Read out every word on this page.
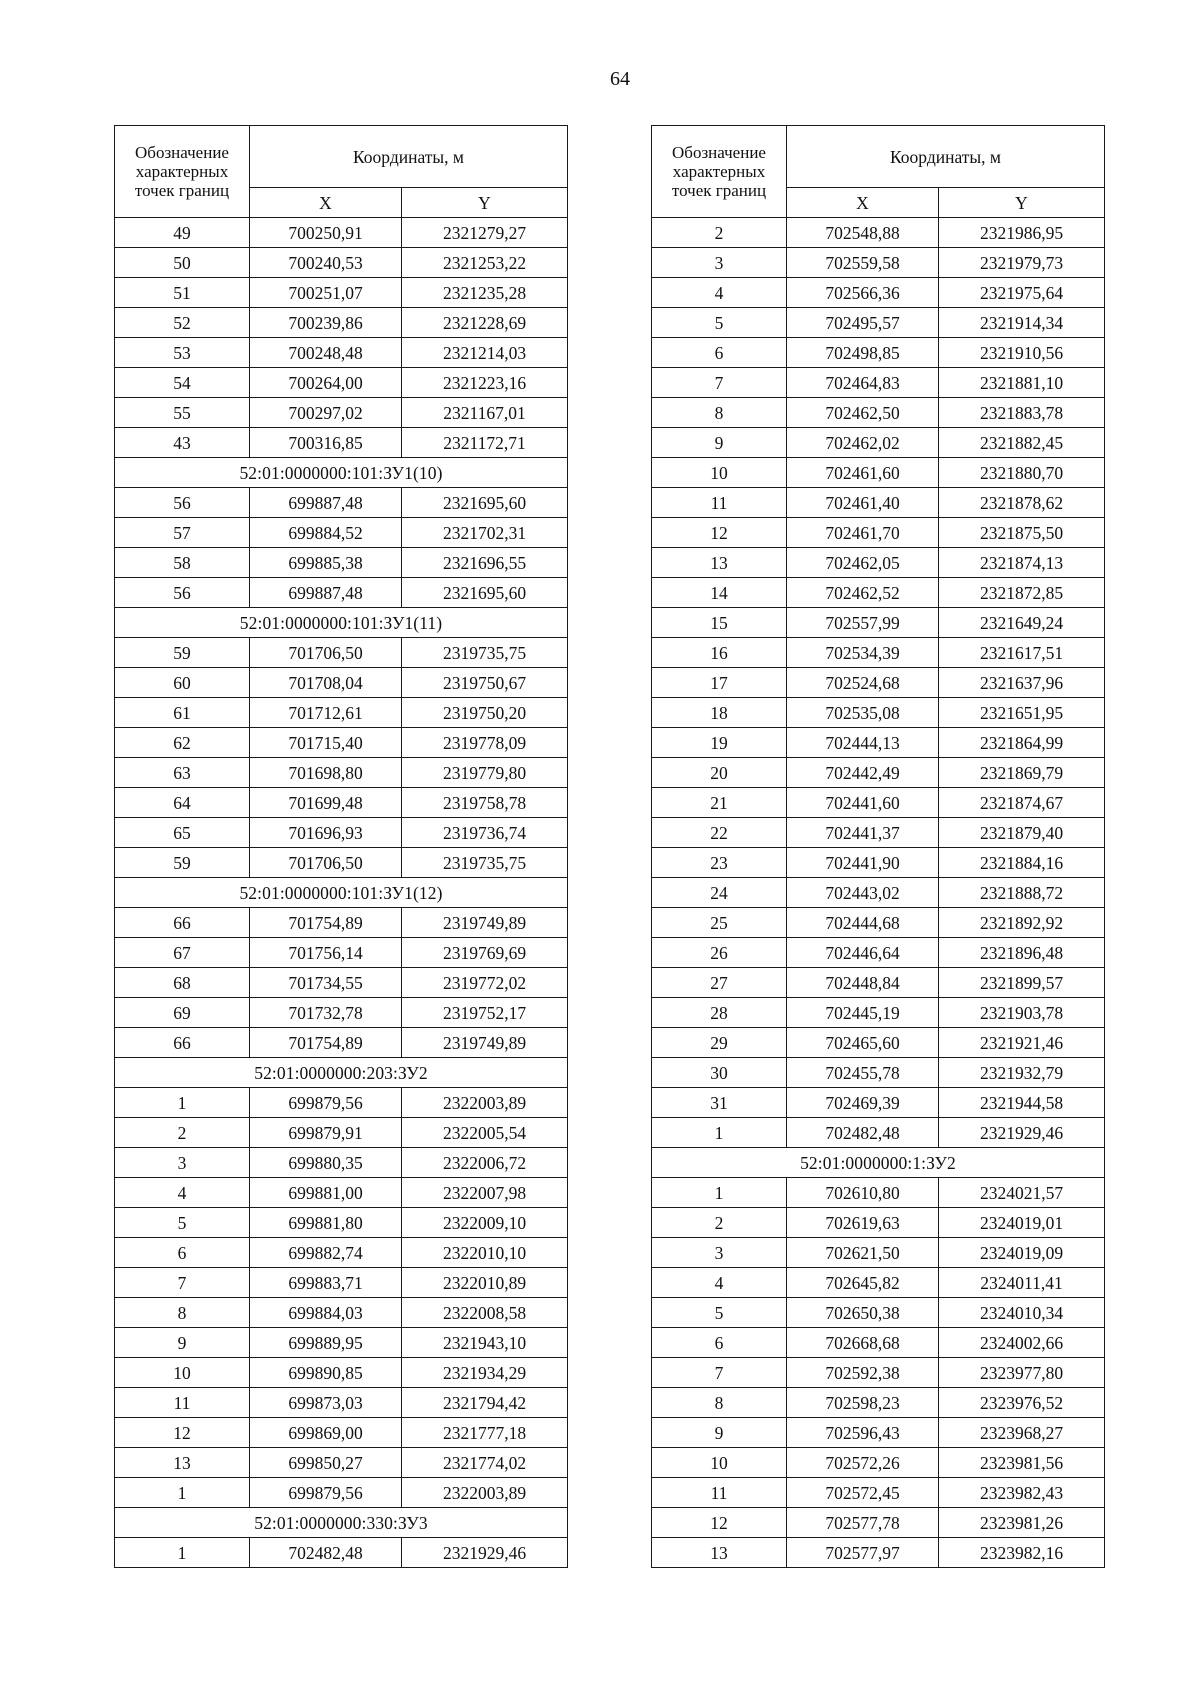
64
Обозначение характерных точек границ	Координаты, м	
	X	Y
49	700250,91	2321279,27
50	700240,53	2321253,22
51	700251,07	2321235,28
52	700239,86	2321228,69
53	700248,48	2321214,03
54	700264,00	2321223,16
55	700297,02	2321167,01
43	700316,85	2321172,71
52:01:0000000:101:ЗУ1(10)		
56	699887,48	2321695,60
57	699884,52	2321702,31
58	699885,38	2321696,55
56	699887,48	2321695,60
52:01:0000000:101:ЗУ1(11)		
59	701706,50	2319735,75
60	701708,04	2319750,67
61	701712,61	2319750,20
62	701715,40	2319778,09
63	701698,80	2319779,80
64	701699,48	2319758,78
65	701696,93	2319736,74
59	701706,50	2319735,75
52:01:0000000:101:ЗУ1(12)		
66	701754,89	2319749,89
67	701756,14	2319769,69
68	701734,55	2319772,02
69	701732,78	2319752,17
66	701754,89	2319749,89
52:01:0000000:203:ЗУ2		
1	699879,56	2322003,89
2	699879,91	2322005,54
3	699880,35	2322006,72
4	699881,00	2322007,98
5	699881,80	2322009,10
6	699882,74	2322010,10
7	699883,71	2322010,89
8	699884,03	2322008,58
9	699889,95	2321943,10
10	699890,85	2321934,29
11	699873,03	2321794,42
12	699869,00	2321777,18
13	699850,27	2321774,02
1	699879,56	2322003,89
52:01:0000000:330:ЗУ3		
1	702482,48	2321929,46
Обозначение характерных точек границ	Координаты, м	
	X	Y
2	702548,88	2321986,95
3	702559,58	2321979,73
4	702566,36	2321975,64
5	702495,57	2321914,34
6	702498,85	2321910,56
7	702464,83	2321881,10
8	702462,50	2321883,78
9	702462,02	2321882,45
10	702461,60	2321880,70
11	702461,40	2321878,62
12	702461,70	2321875,50
13	702462,05	2321874,13
14	702462,52	2321872,85
15	702557,99	2321649,24
16	702534,39	2321617,51
17	702524,68	2321637,96
18	702535,08	2321651,95
19	702444,13	2321864,99
20	702442,49	2321869,79
21	702441,60	2321874,67
22	702441,37	2321879,40
23	702441,90	2321884,16
24	702443,02	2321888,72
25	702444,68	2321892,92
26	702446,64	2321896,48
27	702448,84	2321899,57
28	702445,19	2321903,78
29	702465,60	2321921,46
30	702455,78	2321932,79
31	702469,39	2321944,58
1	702482,48	2321929,46
52:01:0000000:1:ЗУ2		
1	702610,80	2324021,57
2	702619,63	2324019,01
3	702621,50	2324019,09
4	702645,82	2324011,41
5	702650,38	2324010,34
6	702668,68	2324002,66
7	702592,38	2323977,80
8	702598,23	2323976,52
9	702596,43	2323968,27
10	702572,26	2323981,56
11	702572,45	2323982,43
12	702577,78	2323981,26
13	702577,97	2323982,16
